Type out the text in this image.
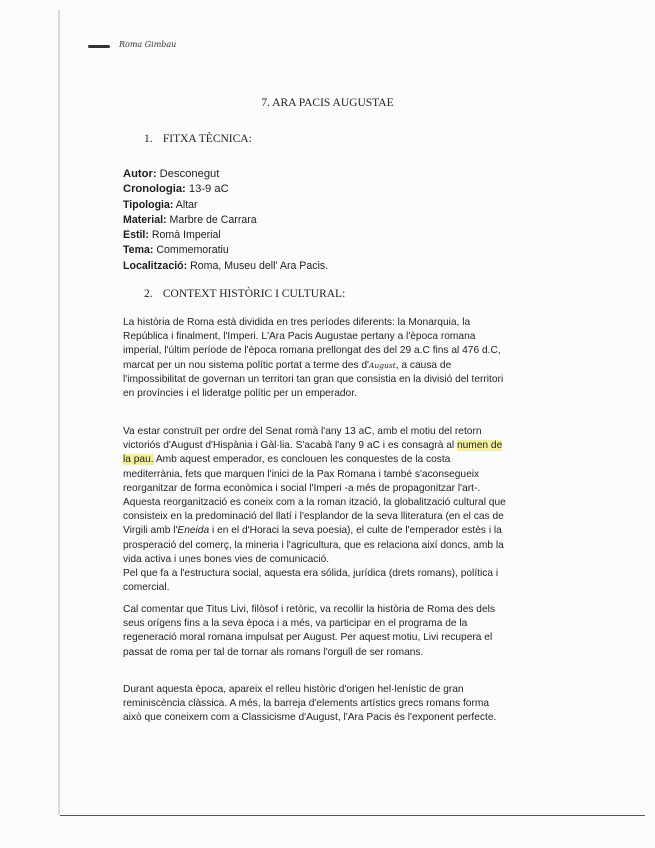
Roma Gimbau
7. ARA PACIS AUGUSTAE
1. FITXA TÈCNICA:
Autor: Desconegut
Cronologia: 13-9 aC
Tipologia: Altar
Material: Marbre de Carrara
Estil: Romà Imperial
Tema: Commemoratiu
Localització: Roma, Museu dell' Ara Pacis.
2. CONTEXT HISTÒRIC I CULTURAL:
La història de Roma està dividida en tres períodes diferents: la Monarquia, la
República i finalment, l'Imperi. L'Ara Pacis Augustae pertany a l'època romana
imperial, l'últim període de l'època romana prellongat des del 29 a.C fins al 476 d.C,
marcat per un nou sistema polític portat a terme des d'August, a causa de
l'impossibilitat de governan un territori tan gran que consistia en la divisió del territori
en províncies i el lideratge polític per un emperador.
Va estar construït per ordre del Senat romà l'any 13 aC, amb el motiu del retorn
victoriós d'August d'Hispània i Gàl·lia. S'acabà l'any 9 aC i es consagrà al numen de
la pau. Amb aquest emperador, es conclouen les conquestes de la costa
mediterrània, fets que marquen l'inici de la Pax Romana i també s'aconsegueix
reorganitzar de forma econòmica i social l'Imperi -a més de propagonitzar l'art-.
Aquesta reorganització es coneix com a la roman ització, la globalització cultural que
consisteix en la predominació del llatí i l'esplandor de la seva lliteratura (en el cas de
Virgili amb l'Eneida i en el d'Horaci la seva poesia), el culte de l'emperador estès i la
prosperació del comerç, la mineria i l'agricultura, que es relaciona així doncs, amb la
vida activa i unes bones vies de comunicació.
Pel que fa a l'estructura social, aquesta era sólida, jurídica (drets romans), política i
comercial.
Cal comentar que Titus Livi, filòsof i retòric, va recollir la història de Roma des dels
seus orígens fins a la seva època i a més, va participar en el programa de la
regeneració moral romana impulsat per August. Per aquest motiu, Livi recupera el
passat de roma per tal de tornar als romans l'orgull de ser romans.
Durant aquesta època, apareix el relleu històric d'origen hel·lenístic de gran
reminiscència clàssica. A més, la barreja d'elements artístics grecs romans forma
això que coneixem com a Classicisme d'August, l'Ara Pacis és l'exponent perfecte.
